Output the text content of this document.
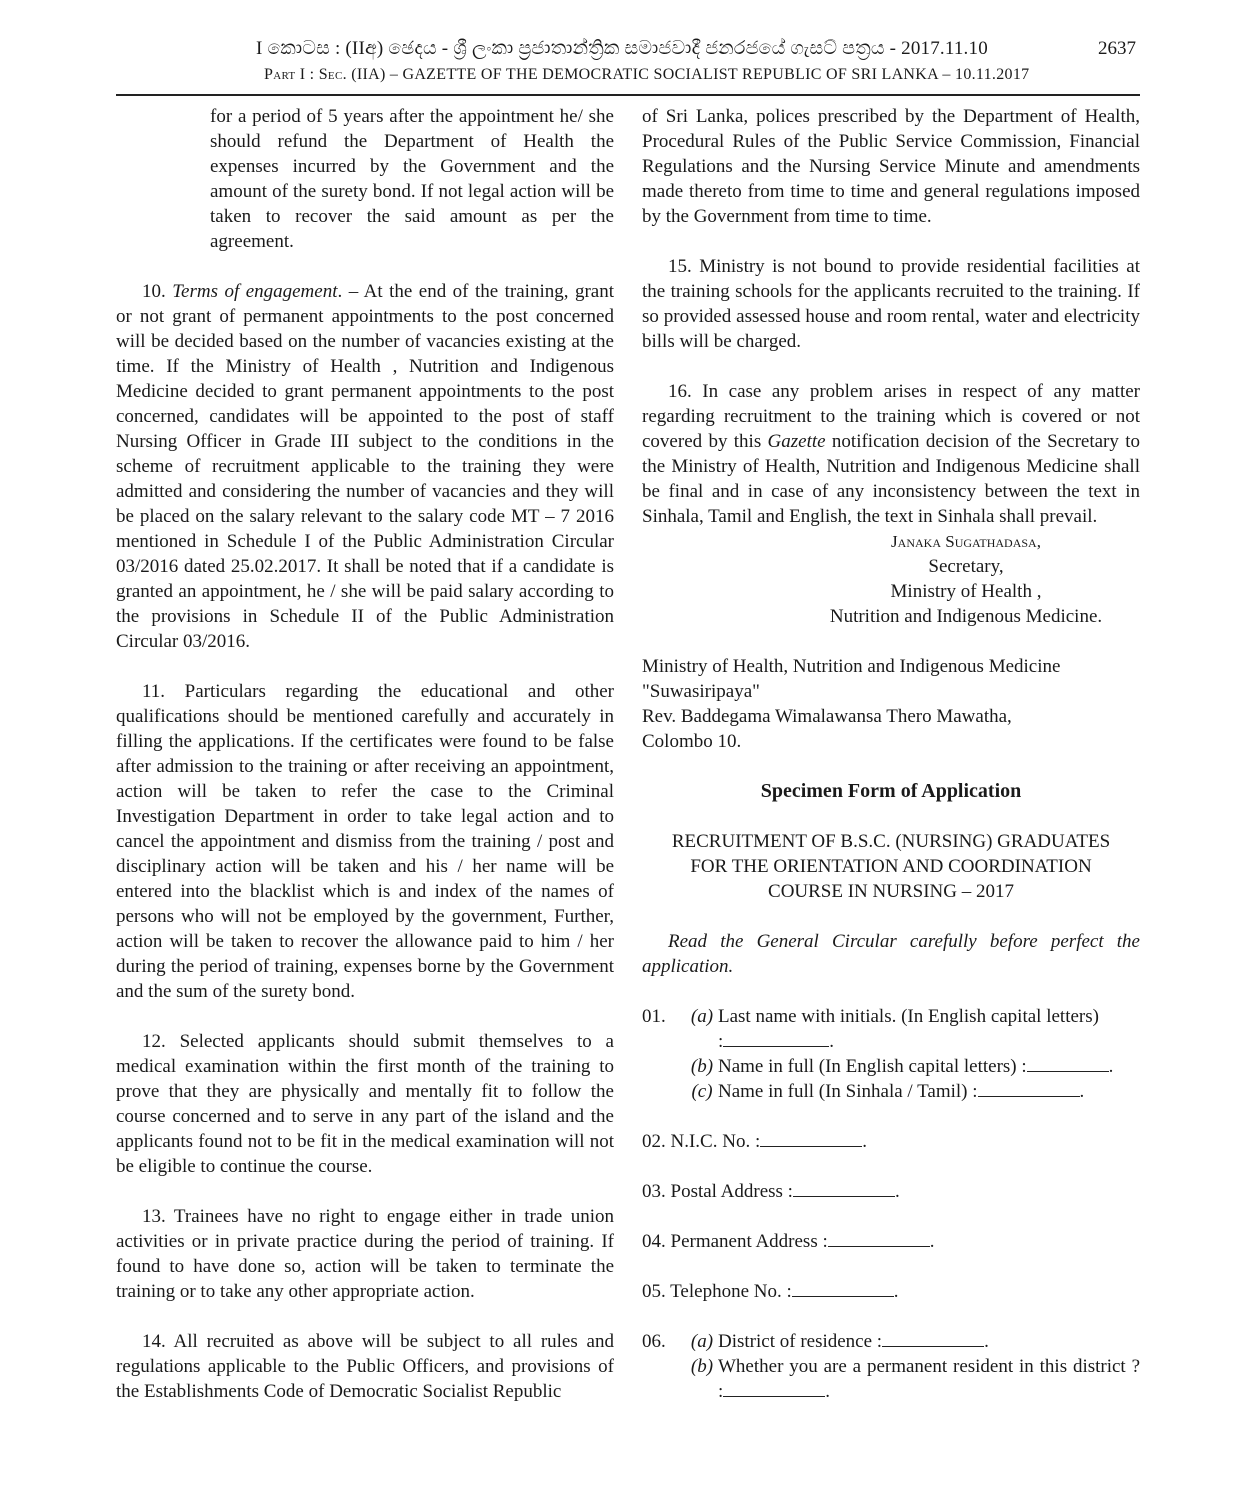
I කොටස : (IIඅ) ඡෙදය - ශ්‍රී ලංකා ප්‍රජාතාන්ත්‍රික සමාජවාදී ජනරජයේ ගැසට් පත්‍රය - 2017.11.10	2637
Part I : Sec. (IIA) – GAZETTE OF THE DEMOCRATIC SOCIALIST REPUBLIC OF SRI LANKA – 10.11.2017
for a period of 5 years after the appointment he/ she should refund the Department of Health the expenses incurred by the Government and the amount of the surety bond. If not legal action will be taken to recover the said amount as per the agreement.

10. Terms of engagement. – At the end of the training, grant or not grant of permanent appointments to the post concerned will be decided based on the number of vacancies existing at the time. If the Ministry of Health , Nutrition and Indigenous Medicine decided to grant permanent appointments to the post concerned, candidates will be appointed to the post of staff Nursing Officer in Grade III subject to the conditions in the scheme of recruitment applicable to the training they were admitted and considering the number of vacancies and they will be placed on the salary relevant to the salary code MT – 7 2016 mentioned in Schedule I of the Public Administration Circular 03/2016 dated 25.02.2017. It shall be noted that if a candidate is granted an appointment, he / she will be paid salary according to the provisions in Schedule II of the Public Administration Circular 03/2016.

11. Particulars regarding the educational and other qualifications should be mentioned carefully and accurately in filling the applications. If the certificates were found to be false after admission to the training or after receiving an appointment, action will be taken to refer the case to the Criminal Investigation Department in order to take legal action and to cancel the appointment and dismiss from the training / post and disciplinary action will be taken and his / her name will be entered into the blacklist which is and index of the names of persons who will not be employed by the government, Further, action will be taken to recover the allowance paid to him / her during the period of training, expenses borne by the Government and the sum of the surety bond.

12. Selected applicants should submit themselves to a medical examination within the first month of the training to prove that they are physically and mentally fit to follow the course concerned and to serve in any part of the island and the applicants found not to be fit in the medical examination will not be eligible to continue the course.

13. Trainees have no right to engage either in trade union activities or in private practice during the period of training. If found to have done so, action will be taken to terminate the training or to take any other appropriate action.

14. All recruited as above will be subject to all rules and regulations applicable to the Public Officers, and provisions of the Establishments Code of Democratic Socialist Republic

of Sri Lanka, polices prescribed by the Department of Health, Procedural Rules of the Public Service Commission, Financial Regulations and the Nursing Service Minute and amendments made thereto from time to time and general regulations imposed by the Government from time to time.

15. Ministry is not bound to provide residential facilities at the training schools for the applicants recruited to the training. If so provided assessed house and room rental, water and electricity bills will be charged.

16. In case any problem arises in respect of any matter regarding recruitment to the training which is covered or not covered by this Gazette notification decision of the Secretary to the Ministry of Health, Nutrition and Indigenous Medicine shall be final and in case of any inconsistency between the text in Sinhala, Tamil and English, the text in Sinhala shall prevail.

Janaka Sugathadasa,
Secretary,
Ministry of Health ,
Nutrition and Indigenous Medicine.
Ministry of Health, Nutrition and Indigenous Medicine
"Suwasiripaya"
Rev. Baddegama Wimalawansa Thero Mawatha,
Colombo 10.
Specimen Form of Application
RECRUITMENT OF B.S.C. (NURSING) GRADUATES
FOR THE ORIENTATION AND COORDINATION
COURSE IN NURSING – 2017

Read the General Circular carefully before perfect the application.

01.	(a) Last name with initials. (In English capital letters)
:	.
(b) Name in full (In English capital letters) :	.
(c) Name in full (In Sinhala / Tamil) :	.
02. N.I.C. No. :	.
03. Postal Address :	.
04. Permanent Address :	.
05. Telephone No. :	.
06.	(a) District of residence :	.
(b) Whether you are a permanent resident in this district ? :	.
